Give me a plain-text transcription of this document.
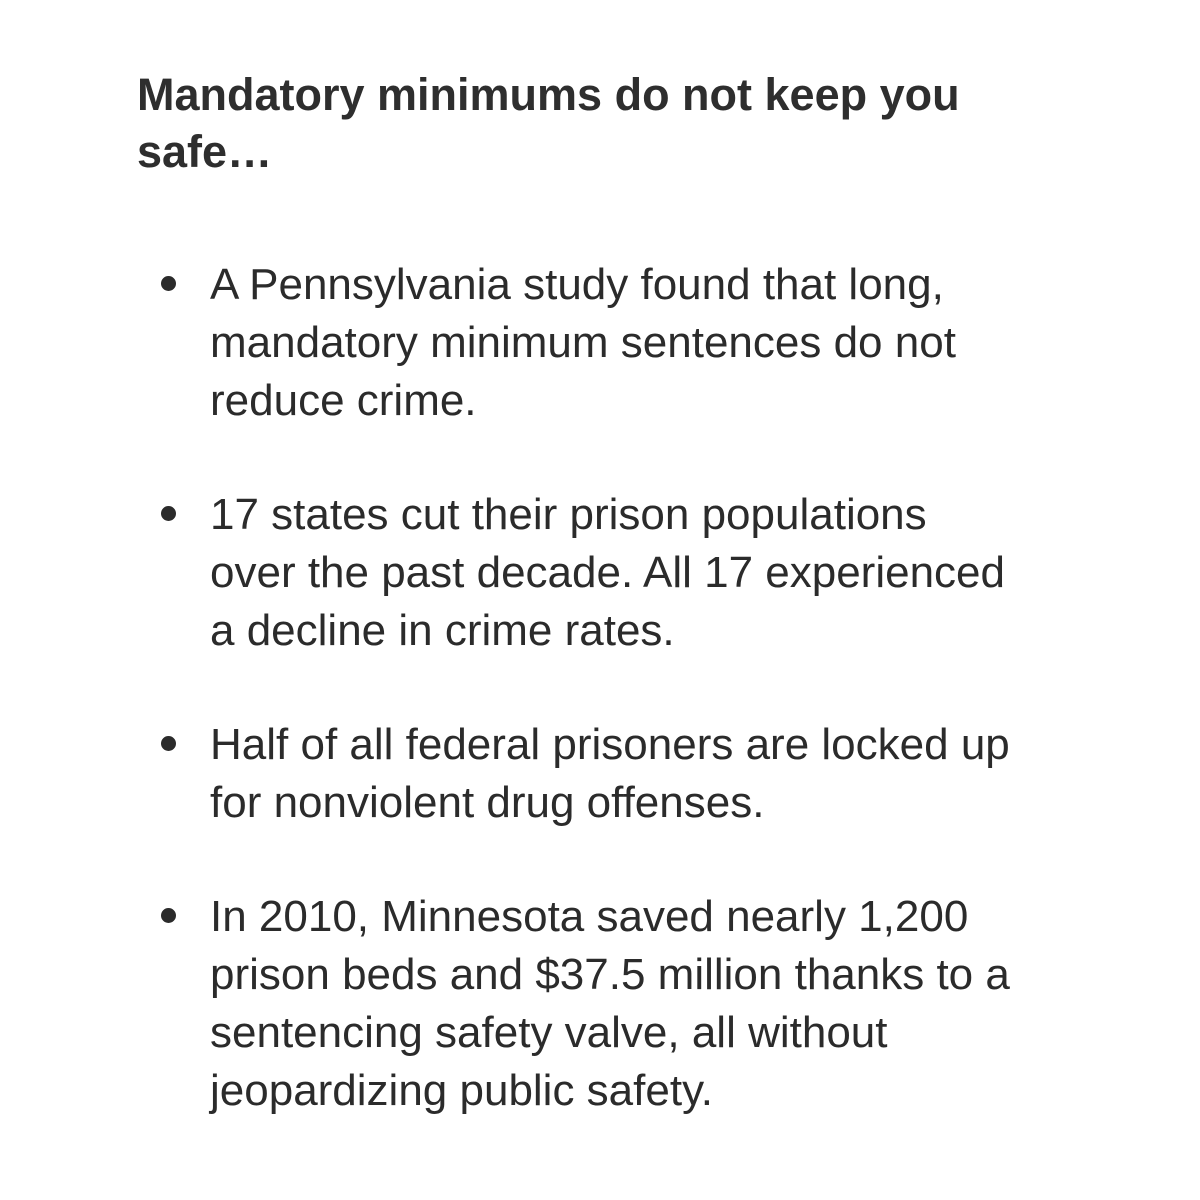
Mandatory minimums do not keep you
safe…
A Pennsylvania study found that long,
mandatory minimum sentences do not
reduce crime.
17 states cut their prison populations
over the past decade. All 17 experienced
a decline in crime rates.
Half of all federal prisoners are locked up
for nonviolent drug offenses.
In 2010, Minnesota saved nearly 1,200
prison beds and $37.5 million thanks to a
sentencing safety valve, all without
jeopardizing public safety.
